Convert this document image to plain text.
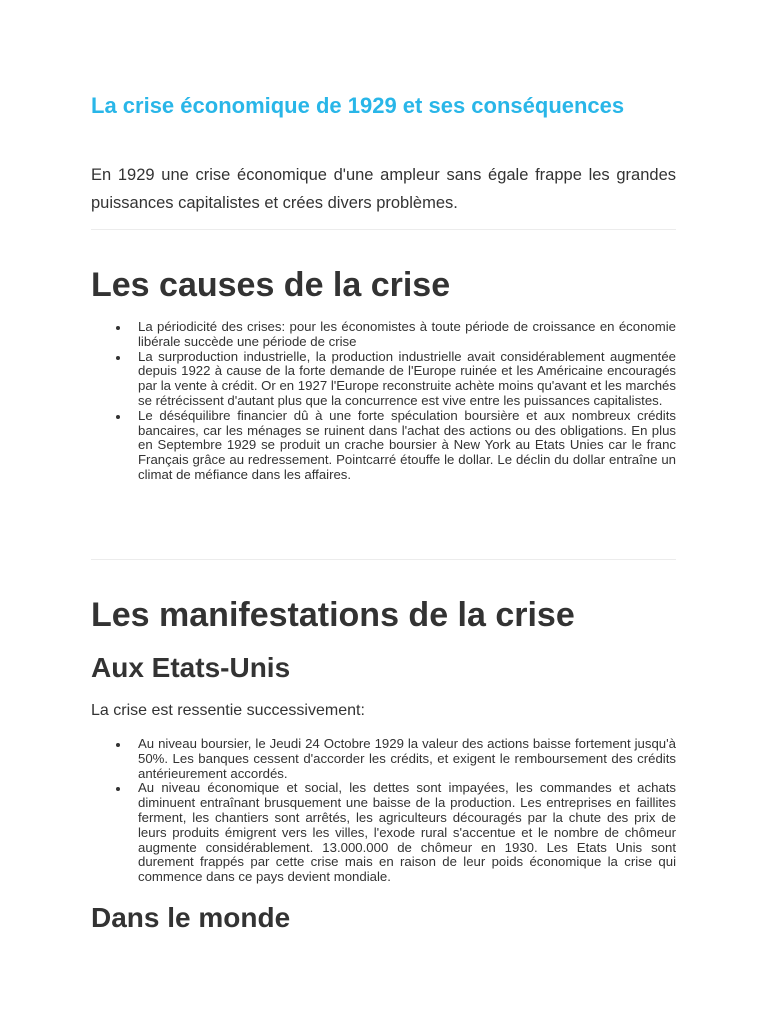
La crise économique de 1929 et ses conséquences

En 1929 une crise économique d'une ampleur sans égale frappe les grandes puissances capitalistes et crées divers problèmes.

Les causes de la crise
La périodicité des crises: pour les économistes à toute période de croissance en économie libérale succède une période de crise
La surproduction industrielle, la production industrielle avait considérablement augmentée depuis 1922 à cause de la forte demande de l'Europe ruinée et les Américaine encouragés par la vente à crédit. Or en 1927 l'Europe reconstruite achète moins qu'avant et les marchés se rétrécissent d'autant plus que la concurrence est vive entre les puissances capitalistes.
Le déséquilibre financier dû à une forte spéculation boursière et aux nombreux crédits bancaires, car les ménages se ruinent dans l'achat des actions ou des obligations. En plus en Septembre 1929 se produit un crache boursier à New York au Etats Unies car le franc Français grâce au redressement. Pointcarré étouffe le dollar. Le déclin du dollar entraîne un climat de méfiance dans les affaires.
Les manifestations de la crise
Aux Etats-Unis

La crise est ressentie successivement:

Au niveau boursier, le Jeudi 24 Octobre 1929 la valeur des actions baisse fortement jusqu'à 50%. Les banques cessent d'accorder les crédits, et exigent le remboursement des crédits antérieurement accordés.
Au niveau économique et social, les dettes sont impayées, les commandes et achats diminuent entraînant brusquement une baisse de la production. Les entreprises en faillites ferment, les chantiers sont arrêtés, les agriculteurs découragés par la chute des prix de leurs produits émigrent vers les villes, l'exode rural s'accentue et le nombre de chômeur augmente considérablement. 13.000.000 de chômeur en 1930. Les Etats Unis sont durement frappés par cette crise mais en raison de leur poids économique la crise qui commence dans ce pays devient mondiale.
Dans le monde
